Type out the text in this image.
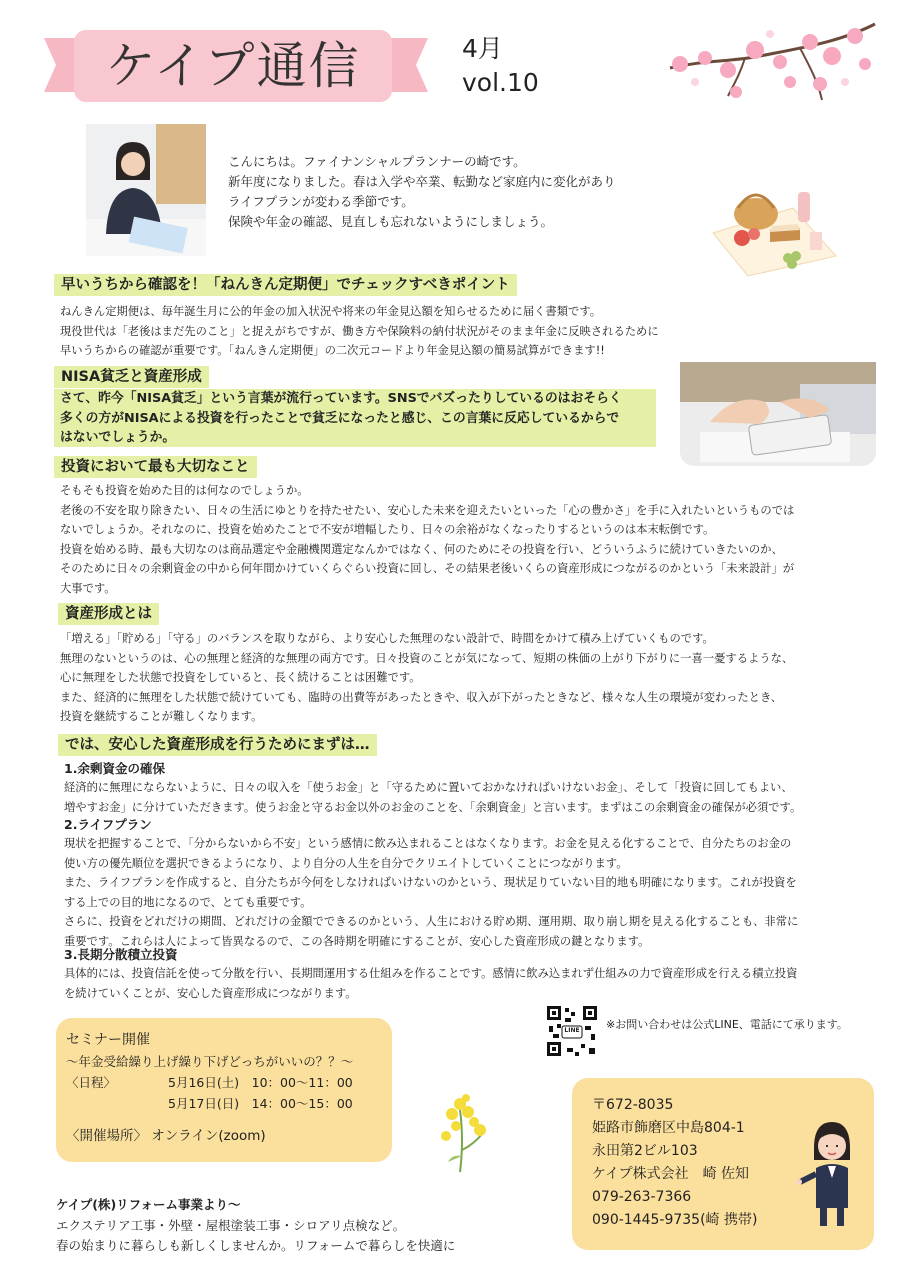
ケイプ通信	4月
vol.10
こんにちは。ファイナンシャルプランナーの崎です。
新年度になりました。春は入学や卒業、転勤など家庭内に変化があり
ライフプランが変わる季節です。
保険や年金の確認、見直しも忘れないようにしましょう。
早いうちから確認を！「ねんきん定期便」でチェックすべきポイント
ねんきん定期便は、毎年誕生月に公的年金の加入状況や将来の年金見込額を知らせるために届く書類です。
現役世代は「老後はまだ先のこと」と捉えがちですが、働き方や保険料の納付状況がそのまま年金に反映されるために
早いうちからの確認が重要です。「ねんきん定期便」の二次元コードより年金見込額の簡易試算ができます!!
NISA貧乏と資産形成
さて、昨今「NISA貧乏」という言葉が流行っています。SNSでバズったりしているのはおそらく
多くの方がNISAによる投資を行ったことで貧乏になったと感じ、この言葉に反応しているからで
はないでしょうか。
投資において最も大切なこと
そもそも投資を始めた目的は何なのでしょうか。
老後の不安を取り除きたい、日々の生活にゆとりを持たせたい、安心した未来を迎えたいといった「心の豊かさ」を手に入れたいというものでは
ないでしょうか。それなのに、投資を始めたことで不安が増幅したり、日々の余裕がなくなったりするというのは本末転倒です。
投資を始める時、最も大切なのは商品選定や金融機関選定なんかではなく、何のためにその投資を行い、どういうふうに続けていきたいのか、
そのために日々の余剰資金の中から何年間かけていくらぐらい投資に回し、その結果老後いくらの資産形成につながるのかという「未来設計」が
大事です。
資産形成とは
「増える」「貯める」「守る」のバランスを取りながら、より安心した無理のない設計で、時間をかけて積み上げていくものです。
無理のないというのは、心の無理と経済的な無理の両方です。日々投資のことが気になって、短期の株価の上がり下がりに一喜一憂するような、
心に無理をした状態で投資をしていると、長く続けることは困難です。
また、経済的に無理をした状態で続けていても、臨時の出費等があったときや、収入が下がったときなど、様々な人生の環境が変わったとき、
投資を継続することが難しくなります。
では、安心した資産形成を行うためにまずは…
1.余剰資金の確保
経済的に無理にならないように、日々の収入を「使うお金」と「守るために置いておかなければいけないお金」、そして「投資に回してもよい、
増やすお金」に分けていただきます。使うお金と守るお金以外のお金のことを、「余剰資金」と言います。まずはこの余剰資金の確保が必須です。
2.ライフプラン
現状を把握することで、「分からないから不安」という感情に飲み込まれることはなくなります。お金を見える化することで、自分たちのお金の
使い方の優先順位を選択できるようになり、より自分の人生を自分でクリエイトしていくことにつながります。
また、ライフプランを作成すると、自分たちが今何をしなければいけないのかという、現状足りていない目的地も明確になります。これが投資を
する上での目的地になるので、とても重要です。
さらに、投資をどれだけの期間、どれだけの金額でできるのかという、人生における貯め期、運用期、取り崩し期を見える化することも、非常に
重要です。これらは人によって皆異なるので、この各時期を明確にすることが、安心した資産形成の鍵となります。
3.長期分散積立投資
具体的には、投資信託を使って分散を行い、長期間運用する仕組みを作ることです。感情に飲み込まれず仕組みの力で資産形成を行える積立投資
を続けていくことが、安心した資産形成につながります。
LINE ※お問い合わせは公式LINE、電話にて承ります。
セミナー開催
～年金受給繰り上げ繰り下げどっちがいいの？？～
〈日程〉	5月16日(土)　10：00～11：00
5月17日(日)　14：00～15：00
〈開催場所〉 オンライン(zoom)
〒672-8035
姫路市飾磨区中島804-1
永田第2ビル103
ケイプ株式会社　崎 佐知
079-263-7366
090-1445-9735(崎 携帯)
ケイプ(株)リフォーム事業より～
エクステリア工事・外壁・屋根塗装工事・シロアリ点検など。
春の始まりに暮らしも新しくしませんか。リフォームで暮らしを快適に
